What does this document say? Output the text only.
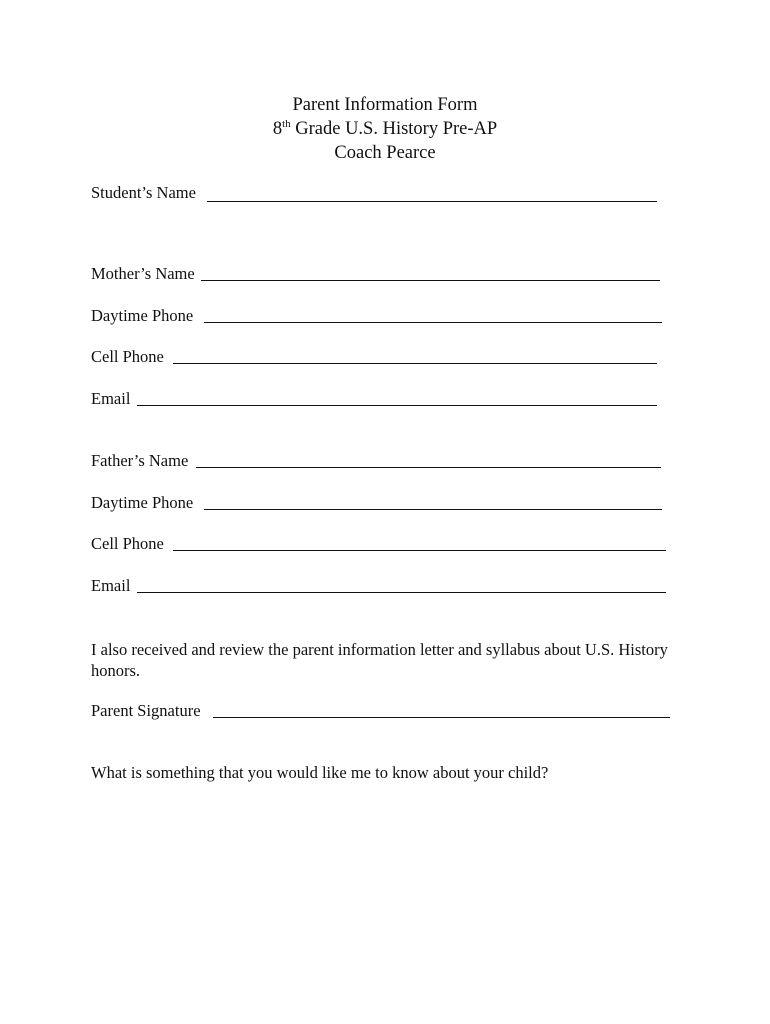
Parent Information Form
8th Grade U.S. History Pre-AP
Coach Pearce
Student’s Name
Mother’s Name
Daytime Phone
Cell Phone
Email
Father’s Name
Daytime Phone
Cell Phone
Email
I also received and review the parent information letter and syllabus about U.S. History honors.
Parent Signature
What is something that you would like me to know about your child?
